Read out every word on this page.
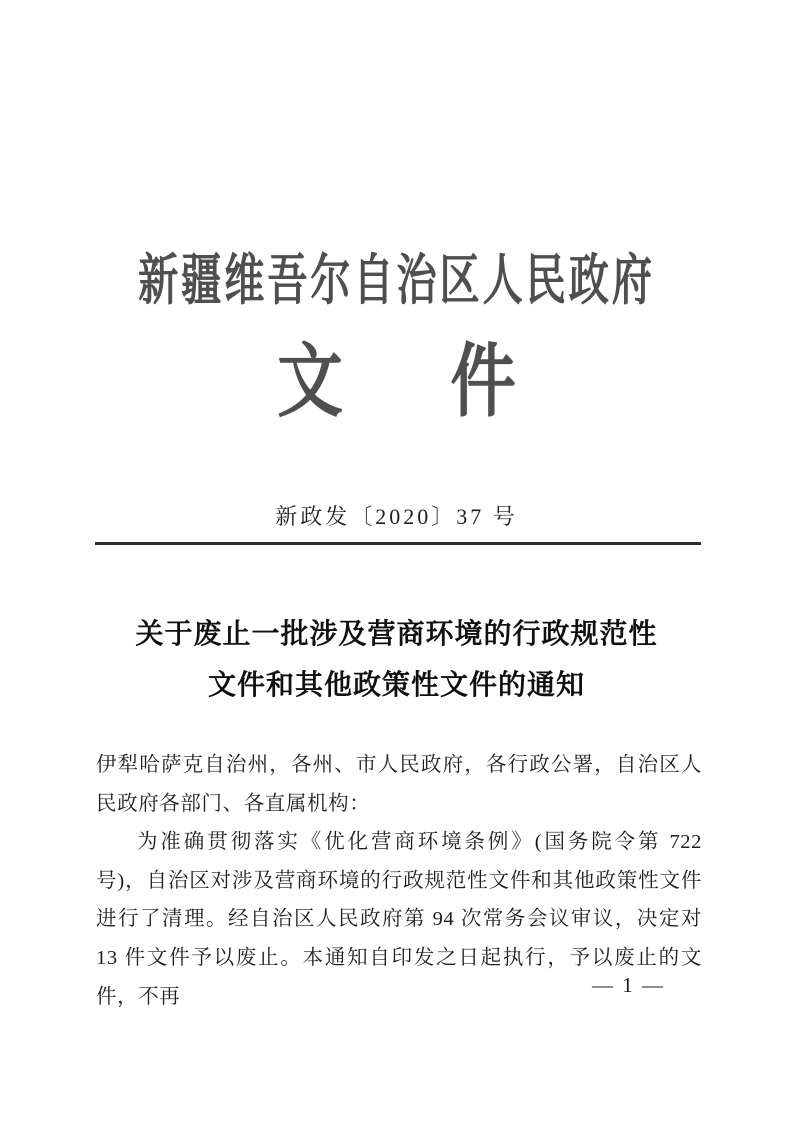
新疆维吾尔自治区人民政府
文 件
新政发〔2020〕37 号
关于废止一批涉及营商环境的行政规范性
文件和其他政策性文件的通知
伊犁哈萨克自治州，各州、市人民政府，各行政公署，自治区人民政府各部门、各直属机构：
为准确贯彻落实《优化营商环境条例》(国务院令第 722 号)，自治区对涉及营商环境的行政规范性文件和其他政策性文件进行了清理。经自治区人民政府第 94 次常务会议审议，决定对 13 件文件予以废止。本通知自印发之日起执行，予以废止的文件，不再	— 1 —
